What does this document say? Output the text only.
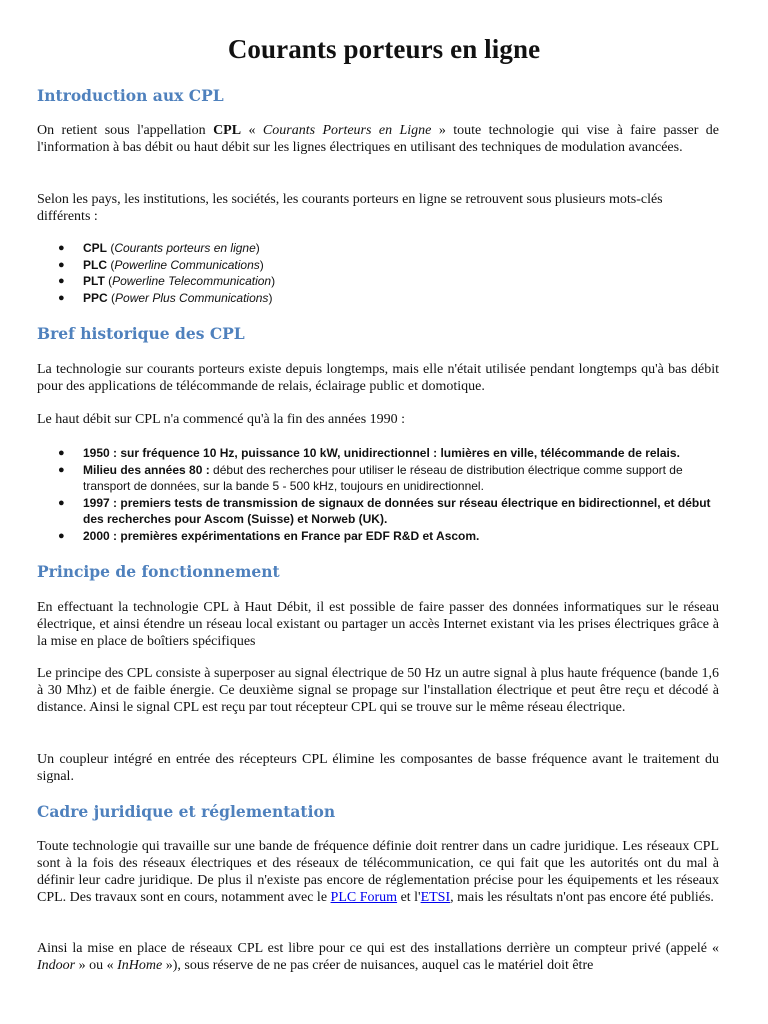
Courants porteurs en ligne
Introduction aux CPL
On retient sous l'appellation CPL « Courants Porteurs en Ligne » toute technologie qui vise à faire passer de l'information à bas débit ou haut débit sur les lignes électriques en utilisant des techniques de modulation avancées.
Selon les pays, les institutions, les sociétés, les courants porteurs en ligne se retrouvent sous plusieurs mots-clés différents :
● CPL (Courants porteurs en ligne)
● PLC (Powerline Communications)
● PLT (Powerline Telecommunication)
● PPC (Power Plus Communications)
Bref historique des CPL
La technologie sur courants porteurs existe depuis longtemps, mais elle n'était utilisée pendant longtemps qu'à bas débit pour des applications de télécommande de relais, éclairage public et domotique.
Le haut débit sur CPL n'a commencé qu'à la fin des années 1990 :
● 1950 : sur fréquence 10 Hz, puissance 10 kW, unidirectionnel : lumières en ville, télécommande de relais.
● Milieu des années 80 : début des recherches pour utiliser le réseau de distribution électrique comme support de transport de données, sur la bande 5 - 500 kHz, toujours en unidirectionnel.
● 1997 : premiers tests de transmission de signaux de données sur réseau électrique en bidirectionnel, et début des recherches pour Ascom (Suisse) et Norweb (UK).
● 2000 : premières expérimentations en France par EDF R&D et Ascom.
Principe de fonctionnement
En effectuant la technologie CPL à Haut Débit, il est possible de faire passer des données informatiques sur le réseau électrique, et ainsi étendre un réseau local existant ou partager un accès Internet existant via les prises électriques grâce à la mise en place de boîtiers spécifiques
Le principe des CPL consiste à superposer au signal électrique de 50 Hz un autre signal à plus haute fréquence (bande 1,6 à 30 Mhz) et de faible énergie. Ce deuxième signal se propage sur l'installation électrique et peut être reçu et décodé à distance. Ainsi le signal CPL est reçu par tout récepteur CPL qui se trouve sur le même réseau électrique.
Un coupleur intégré en entrée des récepteurs CPL élimine les composantes de basse fréquence avant le traitement du signal.
Cadre juridique et réglementation
Toute technologie qui travaille sur une bande de fréquence définie doit rentrer dans un cadre juridique. Les réseaux CPL sont à la fois des réseaux électriques et des réseaux de télécommunication, ce qui fait que les autorités ont du mal à définir leur cadre juridique. De plus il n'existe pas encore de réglementation précise pour les équipements et les réseaux CPL. Des travaux sont en cours, notamment avec le PLC Forum et l'ETSI, mais les résultats n'ont pas encore été publiés.
Ainsi la mise en place de réseaux CPL est libre pour ce qui est des installations derrière un compteur privé (appelé « Indoor » ou « InHome »), sous réserve de ne pas créer de nuisances, auquel cas le matériel doit être
